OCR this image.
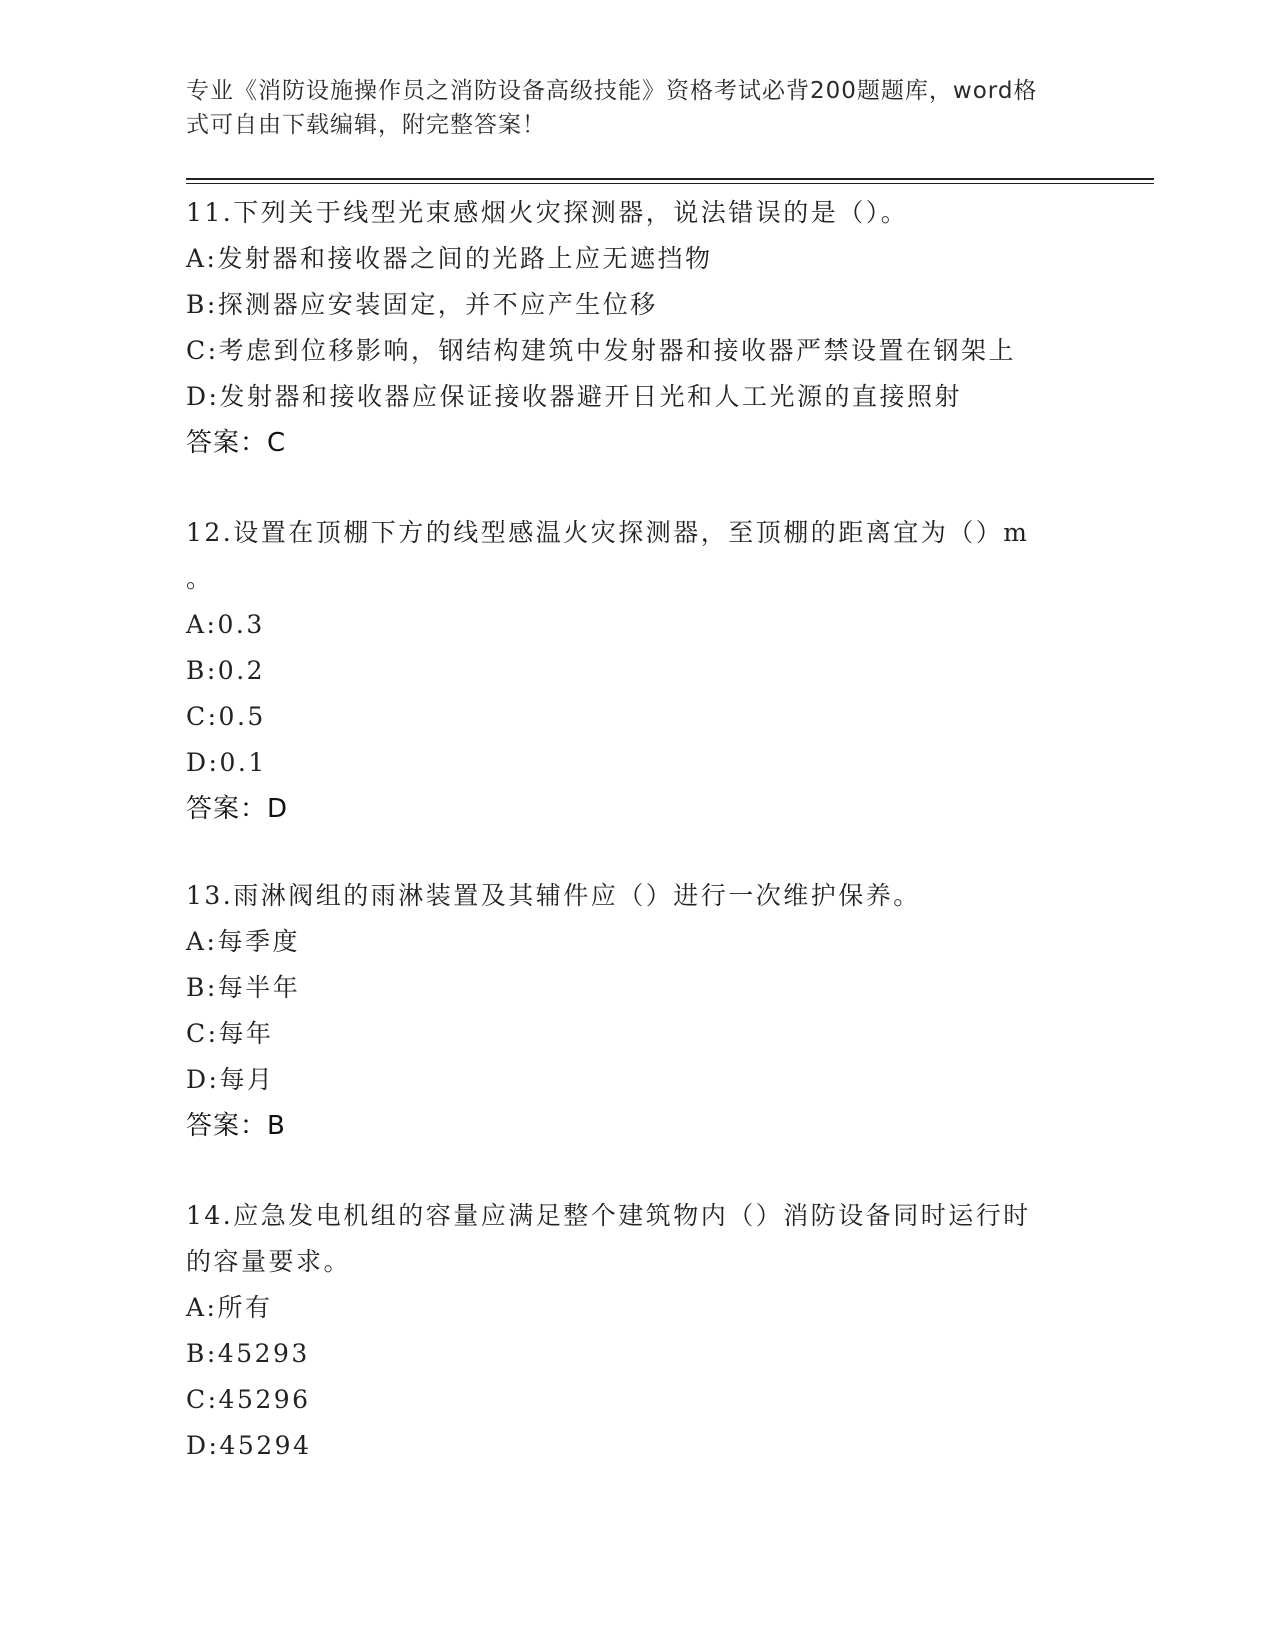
专业《消防设施操作员之消防设备高级技能》资格考试必背200题题库，word格
式可自由下载编辑，附完整答案！
11.下列关于线型光束感烟火灾探测器，说法错误的是（）。
A:发射器和接收器之间的光路上应无遮挡物
B:探测器应安装固定，并不应产生位移
C:考虑到位移影响，钢结构建筑中发射器和接收器严禁设置在钢架上
D:发射器和接收器应保证接收器避开日光和人工光源的直接照射
答案：C
12.设置在顶棚下方的线型感温火灾探测器，至顶棚的距离宜为（）m
。
A:0.3
B:0.2
C:0.5
D:0.1
答案：D
13.雨淋阀组的雨淋装置及其辅件应（）进行一次维护保养。
A:每季度
B:每半年
C:每年
D:每月
答案：B
14.应急发电机组的容量应满足整个建筑物内（）消防设备同时运行时
的容量要求。
A:所有
B:45293
C:45296
D:45294
